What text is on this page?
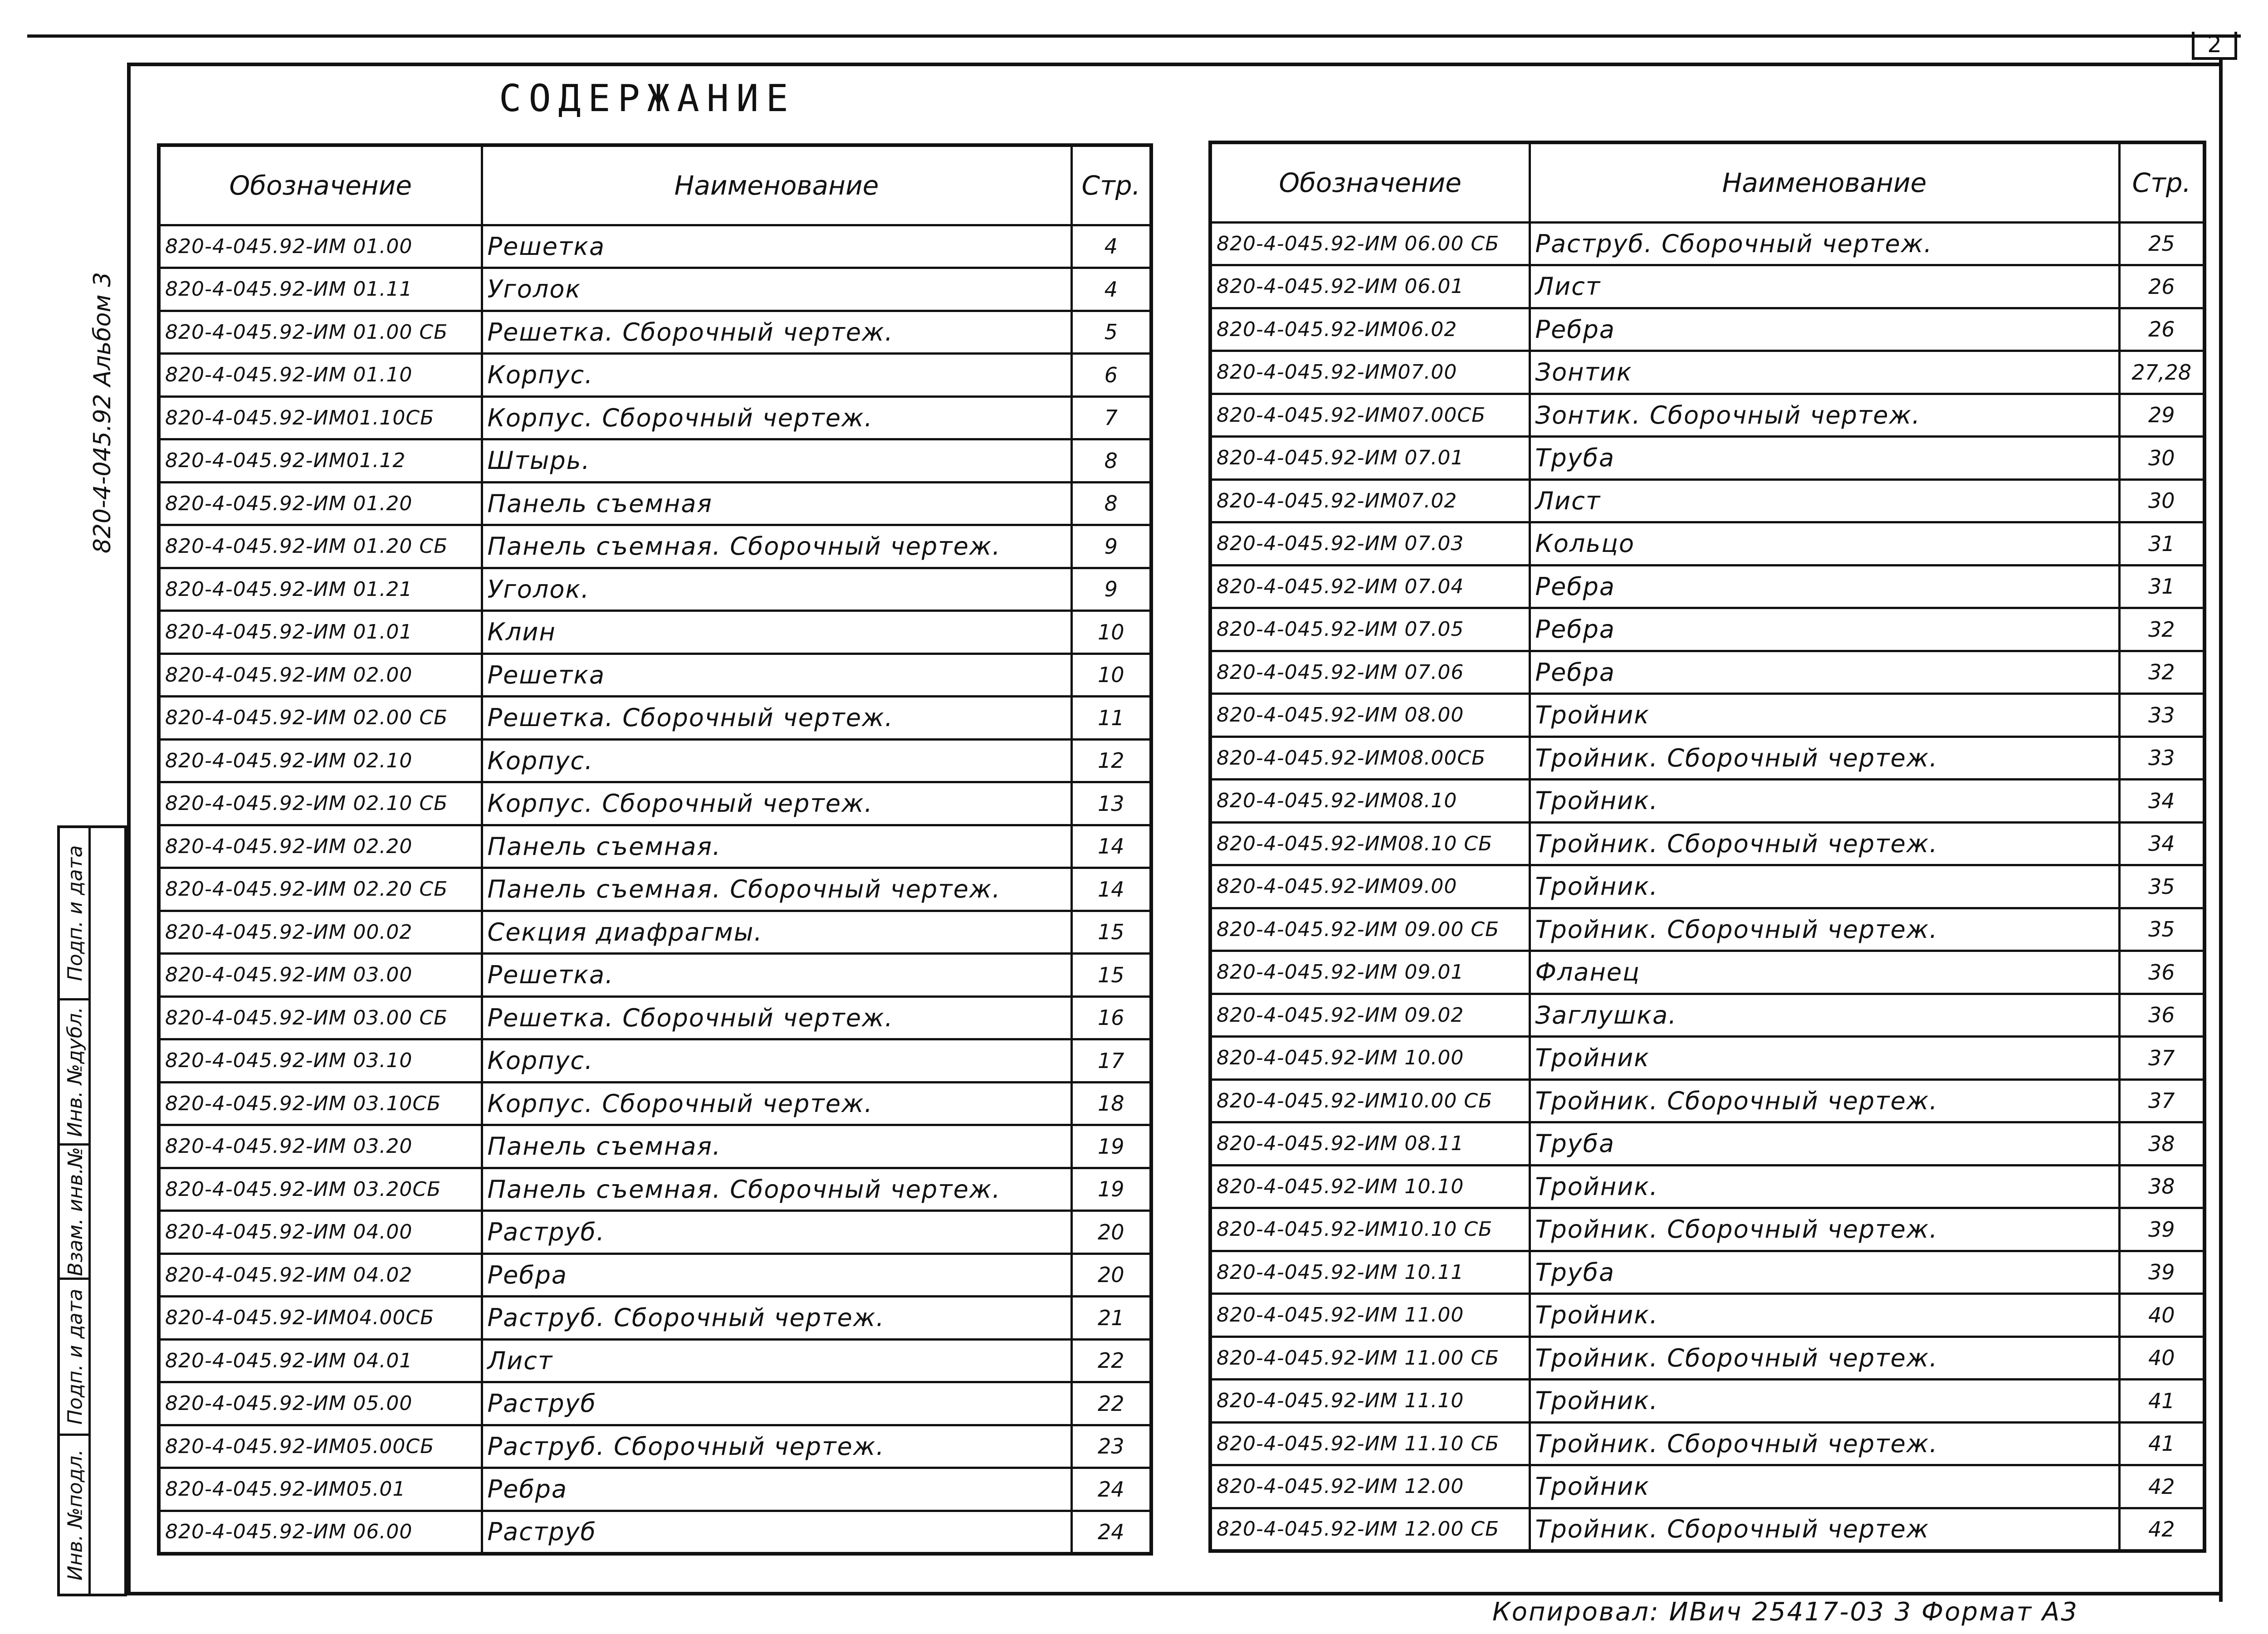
2
СОДЕРЖАНИЕ
820-4-045.92 Альбом 3
Инв. №подл.
Подп. и дата
Взам. инв.№
Инв. №дубл.
Подп. и дата
Обозначение	Наименование	Стр.
820-4-045.92-ИМ 01.00	Решетка	4
820-4-045.92-ИМ 01.11	Уголок	4
820-4-045.92-ИМ 01.00 СБ	Решетка. Сборочный чертеж.	5
820-4-045.92-ИМ 01.10	Корпус.	6
820-4-045.92-ИМ01.10СБ	Корпус. Сборочный чертеж.	7
820-4-045.92-ИМ01.12	Штырь.	8
820-4-045.92-ИМ 01.20	Панель съемная	8
820-4-045.92-ИМ 01.20 СБ	Панель съемная. Сборочный чертеж.	9
820-4-045.92-ИМ 01.21	Уголок.	9
820-4-045.92-ИМ 01.01	Клин	10
820-4-045.92-ИМ 02.00	Решетка	10
820-4-045.92-ИМ 02.00 СБ	Решетка. Сборочный чертеж.	11
820-4-045.92-ИМ 02.10	Корпус.	12
820-4-045.92-ИМ 02.10 СБ	Корпус. Сборочный чертеж.	13
820-4-045.92-ИМ 02.20	Панель съемная.	14
820-4-045.92-ИМ 02.20 СБ	Панель съемная. Сборочный чертеж.	14
820-4-045.92-ИМ 00.02	Секция диафрагмы.	15
820-4-045.92-ИМ 03.00	Решетка.	15
820-4-045.92-ИМ 03.00 СБ	Решетка. Сборочный чертеж.	16
820-4-045.92-ИМ 03.10	Корпус.	17
820-4-045.92-ИМ 03.10СБ	Корпус. Сборочный чертеж.	18
820-4-045.92-ИМ 03.20	Панель съемная.	19
820-4-045.92-ИМ 03.20СБ	Панель съемная. Сборочный чертеж.	19
820-4-045.92-ИМ 04.00	Раструб.	20
820-4-045.92-ИМ 04.02	Ребра	20
820-4-045.92-ИМ04.00СБ	Раструб. Сборочный чертеж.	21
820-4-045.92-ИМ 04.01	Лист	22
820-4-045.92-ИМ 05.00	Раструб	22
820-4-045.92-ИМ05.00СБ	Раструб. Сборочный чертеж.	23
820-4-045.92-ИМ05.01	Ребра	24
820-4-045.92-ИМ 06.00	Раструб	24
Обозначение	Наименование	Стр.
820-4-045.92-ИМ 06.00 СБ	Раструб. Сборочный чертеж.	25
820-4-045.92-ИМ 06.01	Лист	26
820-4-045.92-ИМ06.02	Ребра	26
820-4-045.92-ИМ07.00	Зонтик	27,28
820-4-045.92-ИМ07.00СБ	Зонтик. Сборочный чертеж.	29
820-4-045.92-ИМ 07.01	Труба	30
820-4-045.92-ИМ07.02	Лист	30
820-4-045.92-ИМ 07.03	Кольцо	31
820-4-045.92-ИМ 07.04	Ребра	31
820-4-045.92-ИМ 07.05	Ребра	32
820-4-045.92-ИМ 07.06	Ребра	32
820-4-045.92-ИМ 08.00	Тройник	33
820-4-045.92-ИМ08.00СБ	Тройник. Сборочный чертеж.	33
820-4-045.92-ИМ08.10	Тройник.	34
820-4-045.92-ИМ08.10 СБ	Тройник. Сборочный чертеж.	34
820-4-045.92-ИМ09.00	Тройник.	35
820-4-045.92-ИМ 09.00 СБ	Тройник. Сборочный чертеж.	35
820-4-045.92-ИМ 09.01	Фланец	36
820-4-045.92-ИМ 09.02	Заглушка.	36
820-4-045.92-ИМ 10.00	Тройник	37
820-4-045.92-ИМ10.00 СБ	Тройник. Сборочный чертеж.	37
820-4-045.92-ИМ 08.11	Труба	38
820-4-045.92-ИМ 10.10	Тройник.	38
820-4-045.92-ИМ10.10 СБ	Тройник. Сборочный чертеж.	39
820-4-045.92-ИМ 10.11	Труба	39
820-4-045.92-ИМ 11.00	Тройник.	40
820-4-045.92-ИМ 11.00 СБ	Тройник. Сборочный чертеж.	40
820-4-045.92-ИМ 11.10	Тройник.	41
820-4-045.92-ИМ 11.10 СБ	Тройник. Сборочный чертеж.	41
820-4-045.92-ИМ 12.00	Тройник	42
820-4-045.92-ИМ 12.00 СБ	Тройник. Сборочный чертеж	42
Копировал: ИВич 25417-03 3 Формат А3
